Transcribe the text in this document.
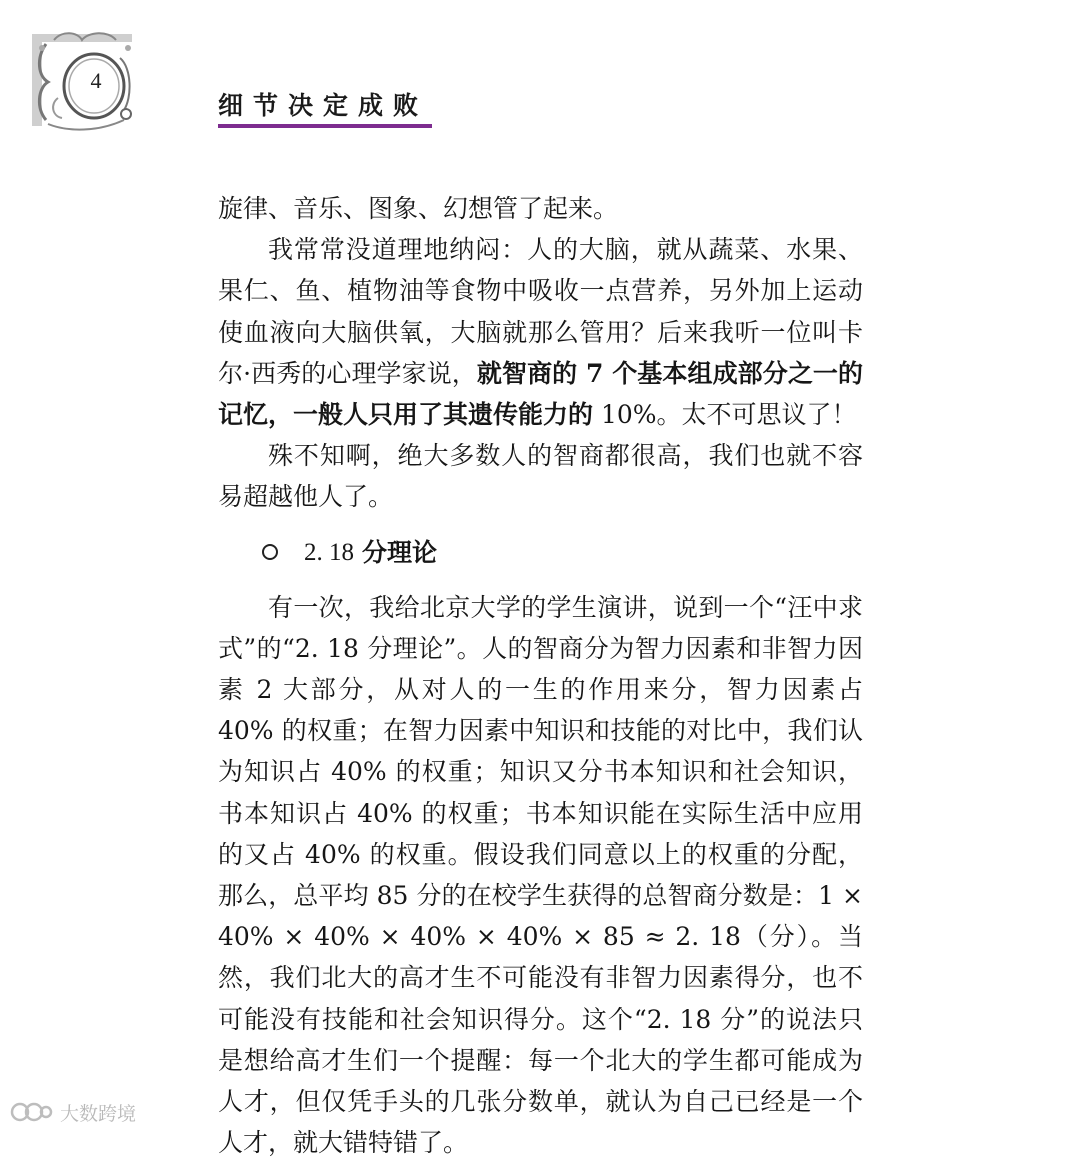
4
细节决定成败

旋律、音乐、图象、幻想管了起来。

我常常没道理地纳闷：人的大脑，就从蔬菜、水果、果仁、鱼、植物油等食物中吸收一点营养，另外加上运动使血液向大脑供氧，大脑就那么管用？后来我听一位叫卡尔·西秀的心理学家说，就智商的 7 个基本组成部分之一的记忆，一般人只用了其遗传能力的 10%。太不可思议了！

殊不知啊，绝大多数人的智商都很高，我们也就不容易超越他人了。

2. 18 分理论

有一次，我给北京大学的学生演讲，说到一个“汪中求式”的“2. 18 分理论”。人的智商分为智力因素和非智力因素 2 大部分，从对人的一生的作用来分，智力因素占 40% 的权重；在智力因素中知识和技能的对比中，我们认为知识占 40% 的权重；知识又分书本知识和社会知识，书本知识占 40% 的权重；书本知识能在实际生活中应用的又占 40% 的权重。假设我们同意以上的权重的分配，那么，总平均 85 分的在校学生获得的总智商分数是：1 × 40% × 40% × 40% × 40% × 85 ≈ 2. 18（分）。当然，我们北大的高才生不可能没有非智力因素得分，也不可能没有技能和社会知识得分。这个“2. 18 分”的说法只是想给高才生们一个提醒：每一个北大的学生都可能成为人才，但仅凭手头的几张分数单，就认为自己已经是一个人才，就大错特错了。

大数跨境
